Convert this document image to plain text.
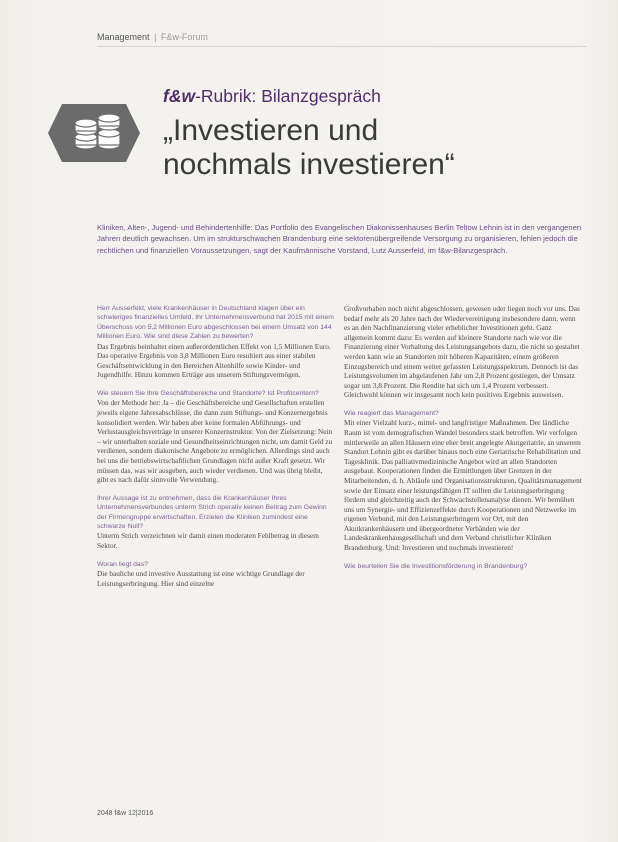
Management | F&w-Forum
f&w-Rubrik: Bilanzgespräch
„Investieren und
nochmals investieren“
Kliniken, Alten-, Jugend- und Behindertenhilfe: Das Portfolio des Evangelischen Diakonissenhauses Berlin Teltow Lehnin ist in den vergangenen Jahren deutlich gewachsen. Um im strukturschwachen Brandenburg eine sektorenübergreifende Versorgung zu organisieren, fehlen jedoch die rechtlichen und finanziellen Voraussetzungen, sagt der Kaufmännische Vorstand, Lutz Ausserfeld, im f&w-Bilanzgespräch.

Herr Ausserfeld, viele Krankenhäuser in Deutschland klagen über ein schwieriges finanzielles Umfeld. Ihr Unternehmensverbund hat 2015 mit einem Überschuss von 5,2 Millionen Euro abgeschlossen bei einem Umsatz von 144 Millionen Euro. Wie sind diese Zahlen zu bewerten?

Das Ergebnis beinhaltet einen außerordentlichen Effekt von 1,5 Millionen Euro. Das operative Ergebnis von 3,8 Millionen Euro resultiert aus einer stabilen Geschäftsentwicklung in den Bereichen Altenhilfe sowie Kinder- und Jugendhilfe. Hinzu kommen Erträge aus unserem Stiftungsvermögen.

Wie steuern Sie Ihre Geschäftsbereiche und Standorte? Ist Profitcentern?

Von der Methode her: Ja – die Geschäftsbereiche und Gesellschaften erstellen jeweils eigene Jahresabschlüsse, die dann zum Stiftungs- und Konzernergebnis konsolidiert werden. Wir haben aber keine formalen Abführungs- und Verlustausgleichsverträge in unserer Konzernstruktur. Von der Zielsetzung: Nein – wir unterhalten soziale und Gesundheitseinrichtungen nicht, um damit Geld zu verdienen, sondern diakonische Angebote zu ermöglichen. Allerdings sind auch bei uns die betriebswirtschaftlichen Grundlagen nicht außer Kraft gesetzt. Wir müssen das, was wir ausgeben, auch wieder verdienen. Und was übrig bleibt, gibt es nach dafür sinnvolle Verwendung.

Ihrer Aussage ist zu entnehmen, dass die Krankenhäuser Ihres Unternehmensverbundes unterm Strich operativ keinen Beitrag zum Gewinn der Firmengruppe erwirtschaften. Erzielen die Kliniken zumindest eine schwarze Null?

Unterm Strich verzeichnen wir damit einen moderaten Fehlbetrag in diesem Sektor.

Woran liegt das?

Die bauliche und investive Ausstattung ist eine wichtige Grundlage der Leistungserbringung. Hier sind einzelne

Großvorhaben noch nicht abgeschlossen, gewesen oder liegen noch vor uns. Das bedarf mehr als 20 Jahre nach der Wiedervereinigung insbesondere dann, wenn es an den Nachfinanzierung vieler erheblicher Investitionen geht. Ganz allgemein kommt dazu: Es werden auf kleinere Standorte nach wie vor die Finanzierung einer Vorhaltung des Leistungsangebots dazu, die nicht so gestaltet werden kann wie an Standorten mit höheren Kapazitäten, einem größeren Einzugsbereich und einem weiter gefassten Leistungsspektrum. Dennoch ist das Leistungsvolumen im abgelaufenen Jahr um 2,8 Prozent gestiegen, der Umsatz sogar um 3,8 Prozent. Die Rendite hat sich um 1,4 Prozent verbessert. Gleichwohl können wir insgesamt noch kein positives Ergebnis ausweisen.

Wie reagiert das Management?

Mit einer Vielzahl kurz-, mittel- und langfristiger Maßnahmen. Der ländliche Raum ist vom demografischen Wandel besonders stark betroffen. Wir verfolgen mittlerweile an allen Häusern eine eher breit angelegte Akutgeriatrie, an unserem Standort Lehnin gibt es darüber hinaus noch eine Geriatrische Rehabilitation und Tagesklinik. Das palliativmedizinische Angebot wird an allen Standorten ausgebaut. Kooperationen finden die Ermittlungen über Grenzen in der Mitarbeitenden, d. h. Abläufe und Organisationsstrukturen, Qualitätsmanagement sowie der Einsatz einer leistungsfähigen IT sollten die Leistungserbringung fördern und gleichzeitig auch der Schwachstellenanalyse dienen. Wir bemühen uns um Synergie- und Effizienzeffekte durch Kooperationen und Netzwerke im eigenen Verbund, mit den Leistungserbringern vor Ort, mit den Akutkrankenhäusern und übergeordneter Verbänden wie der Landeskrankenhausgesellschaft und dem Verband christlicher Kliniken Brandenburg. Und: Investieren und nochmals investieren!

Wie beurteilen Sie die Investitionsförderung in Brandenburg?

2048 f&w 12|2016
